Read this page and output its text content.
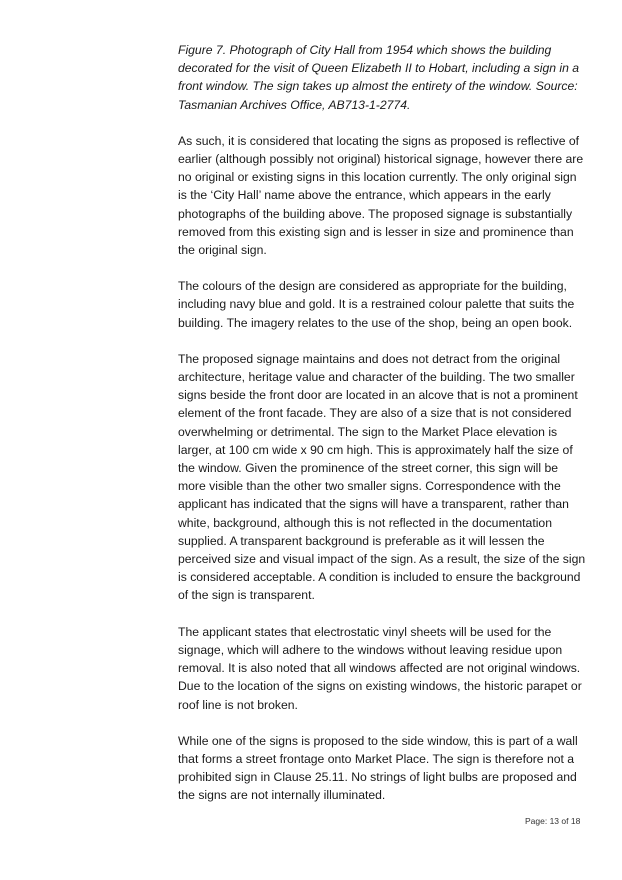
Figure 7. Photograph of City Hall from 1954 which shows the building decorated for the visit of Queen Elizabeth II to Hobart, including a sign in a front window. The sign takes up almost the entirety of the window. Source: Tasmanian Archives Office, AB713-1-2774.

As such, it is considered that locating the signs as proposed is reflective of earlier (although possibly not original) historical signage, however there are no original or existing signs in this location currently. The only original sign is the ‘City Hall’ name above the entrance, which appears in the early photographs of the building above. The proposed signage is substantially removed from this existing sign and is lesser in size and prominence than the original sign.

The colours of the design are considered as appropriate for the building, including navy blue and gold. It is a restrained colour palette that suits the building. The imagery relates to the use of the shop, being an open book.

The proposed signage maintains and does not detract from the original architecture, heritage value and character of the building. The two smaller signs beside the front door are located in an alcove that is not a prominent element of the front facade. They are also of a size that is not considered overwhelming or detrimental. The sign to the Market Place elevation is larger, at 100 cm wide x 90 cm high. This is approximately half the size of the window. Given the prominence of the street corner, this sign will be more visible than the other two smaller signs. Correspondence with the applicant has indicated that the signs will have a transparent, rather than white, background, although this is not reflected in the documentation supplied. A transparent background is preferable as it will lessen the perceived size and visual impact of the sign. As a result, the size of the sign is considered acceptable. A condition is included to ensure the background of the sign is transparent.

The applicant states that electrostatic vinyl sheets will be used for the signage, which will adhere to the windows without leaving residue upon removal. It is also noted that all windows affected are not original windows. Due to the location of the signs on existing windows, the historic parapet or roof line is not broken.

While one of the signs is proposed to the side window, this is part of a wall that forms a street frontage onto Market Place. The sign is therefore not a prohibited sign in Clause 25.11. No strings of light bulbs are proposed and the signs are not internally illuminated.

Page: 13 of 18
